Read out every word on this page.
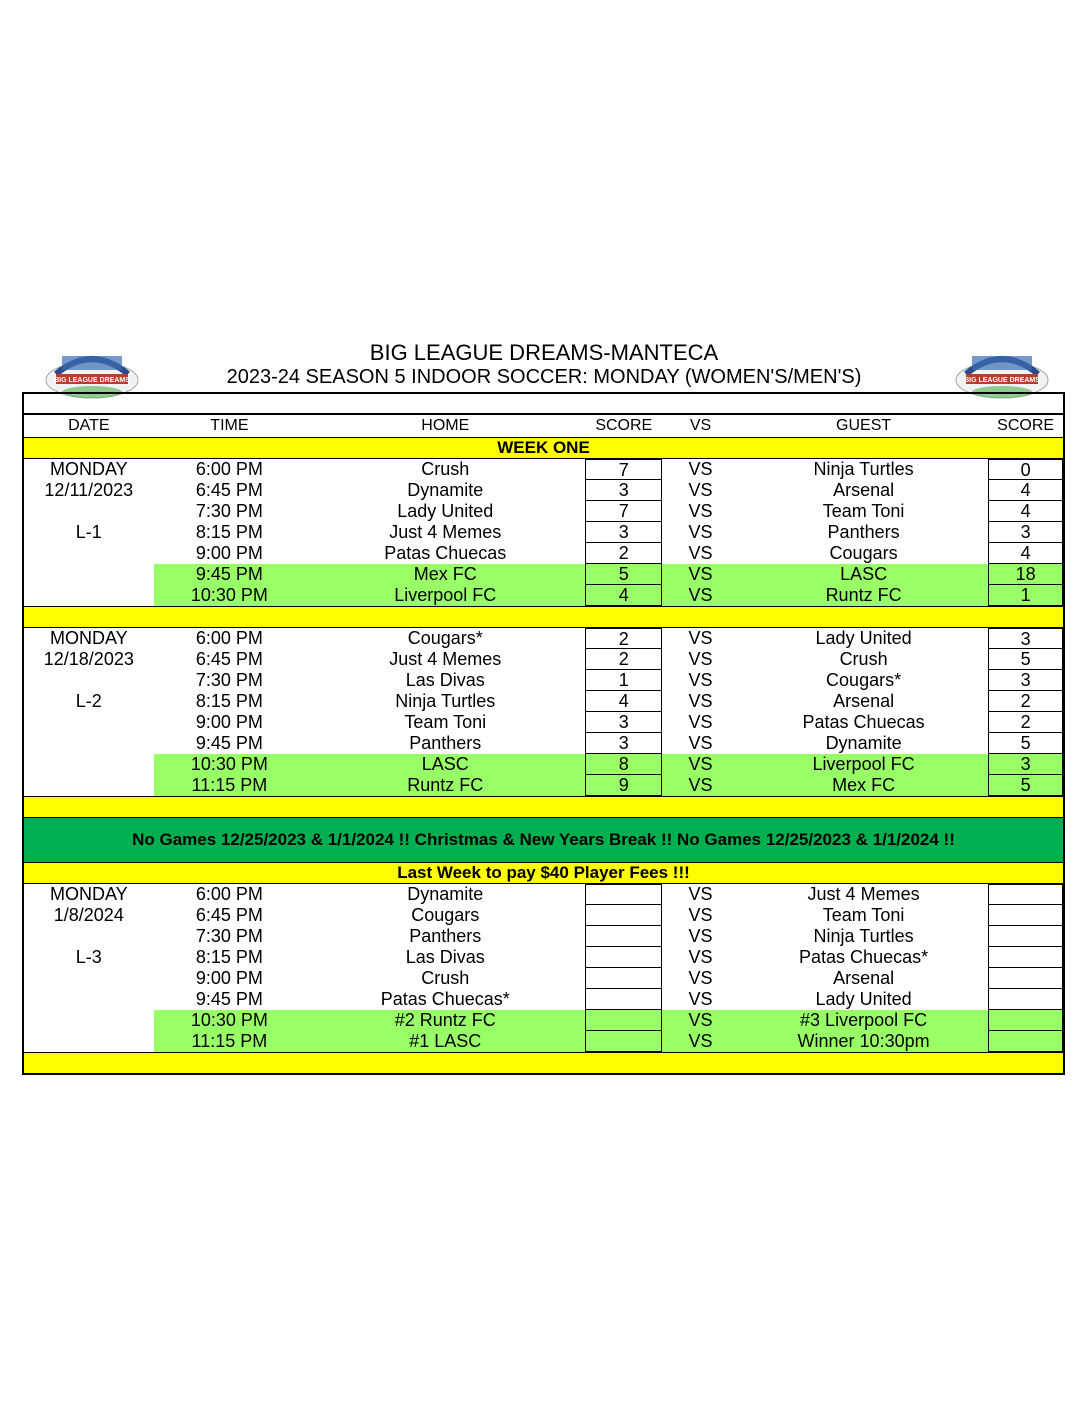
BIG LEAGUE DREAMS	BIG LEAGUE DREAMS
BIG LEAGUE DREAMS-MANTECA
2023-24 SEASON 5 INDOOR SOCCER: MONDAY (WOMEN'S/MEN'S)
DATE	TIME	HOME	SCORE	VS	GUEST	SCORE
WEEK ONE
MONDAY	6:00 PM	Crush	7	VS	Ninja Turtles	0
12/11/2023	6:45 PM	Dynamite	3	VS	Arsenal	4
7:30 PM	Lady United	7	VS	Team Toni	4
L-1	8:15 PM	Just 4 Memes	3	VS	Panthers	3
9:00 PM	Patas Chuecas	2	VS	Cougars	4
9:45 PM	Mex FC	5	VS	LASC	18
10:30 PM	Liverpool FC	4	VS	Runtz FC	1
MONDAY	6:00 PM	Cougars*	2	VS	Lady United	3
12/18/2023	6:45 PM	Just 4 Memes	2	VS	Crush	5
7:30 PM	Las Divas	1	VS	Cougars*	3
L-2	8:15 PM	Ninja Turtles	4	VS	Arsenal	2
9:00 PM	Team Toni	3	VS	Patas Chuecas	2
9:45 PM	Panthers	3	VS	Dynamite	5
10:30 PM	LASC	8	VS	Liverpool FC	3
11:15 PM	Runtz FC	9	VS	Mex FC	5
No Games 12/25/2023 & 1/1/2024 !! Christmas & New Years Break !! No Games 12/25/2023 & 1/1/2024 !!
Last Week to pay $40 Player Fees !!!
MONDAY	6:00 PM	Dynamite	VS	Just 4 Memes
1/8/2024	6:45 PM	Cougars	VS	Team Toni
7:30 PM	Panthers	VS	Ninja Turtles
L-3	8:15 PM	Las Divas	VS	Patas Chuecas*
9:00 PM	Crush	VS	Arsenal
9:45 PM	Patas Chuecas*	VS	Lady United
10:30 PM	#2 Runtz FC	VS	#3 Liverpool FC
11:15 PM	#1 LASC	VS	Winner 10:30pm
